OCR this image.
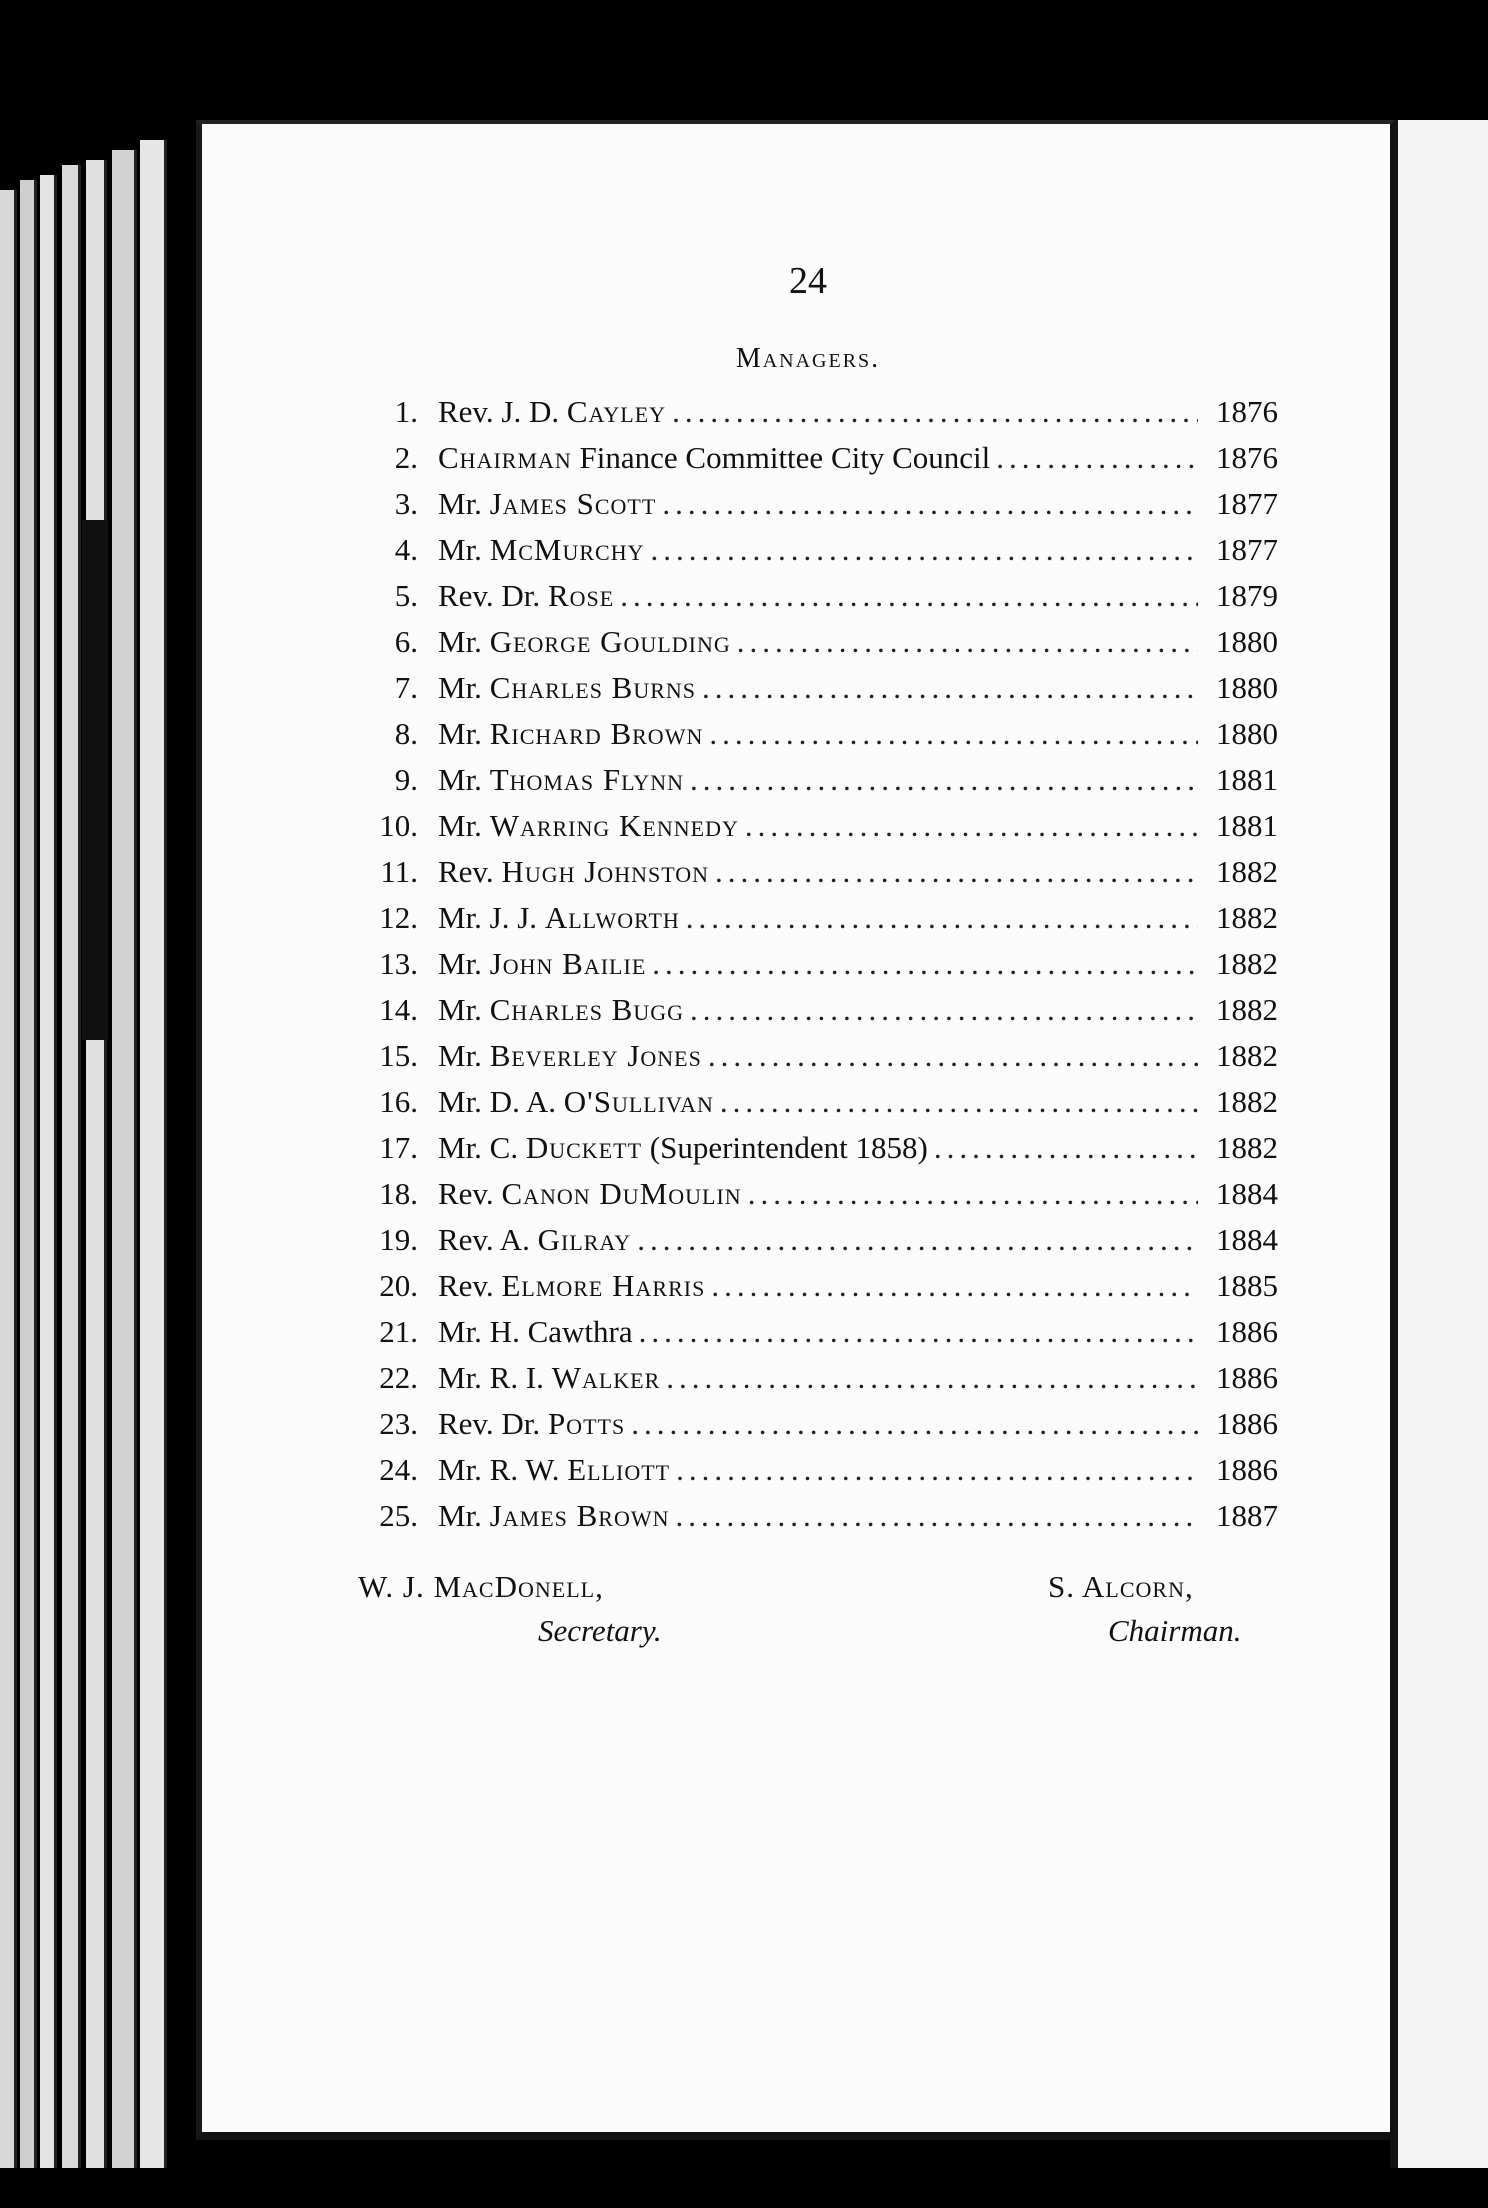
24
Managers.
1. Rev. J. D. Cayley .....	1876
2. Chairman Finance Committee City Council .....	1876
3. Mr. James Scott .....	1877
4. Mr. McMurchy .....	1877
5. Rev. Dr. Rose .....	1879
6. Mr. George Goulding .....	1880
7. Mr. Charles Burns .....	1880
8. Mr. Richard Brown .....	1880
9. Mr. Thomas Flynn .....	1881
10. Mr. Warring Kennedy .....	1881
11. Rev. Hugh Johnston .....	1882
12. Mr. J. J. Allworth .....	1882
13. Mr. John Bailie .....	1882
14. Mr. Charles Bugg .....	1882
15. Mr. Beverley Jones .....	1882
16. Mr. D. A. O'Sullivan .....	1882
17. Mr. C. Duckett (Superintendent 1858) .....	1882
18. Rev. Canon DuMoulin .....	1884
19. Rev. A. Gilray .....	1884
20. Rev. Elmore Harris .....	1885
21. Mr. H. Cawthra .....	1886
22. Mr. R. I. Walker .....	1886
23. Rev. Dr. Potts .....	1886
24. Mr. R. W. Elliott .....	1886
25. Mr. James Brown .....	1887
W. J. MacDonell,
Secretary.
S. Alcorn,
Chairman.
